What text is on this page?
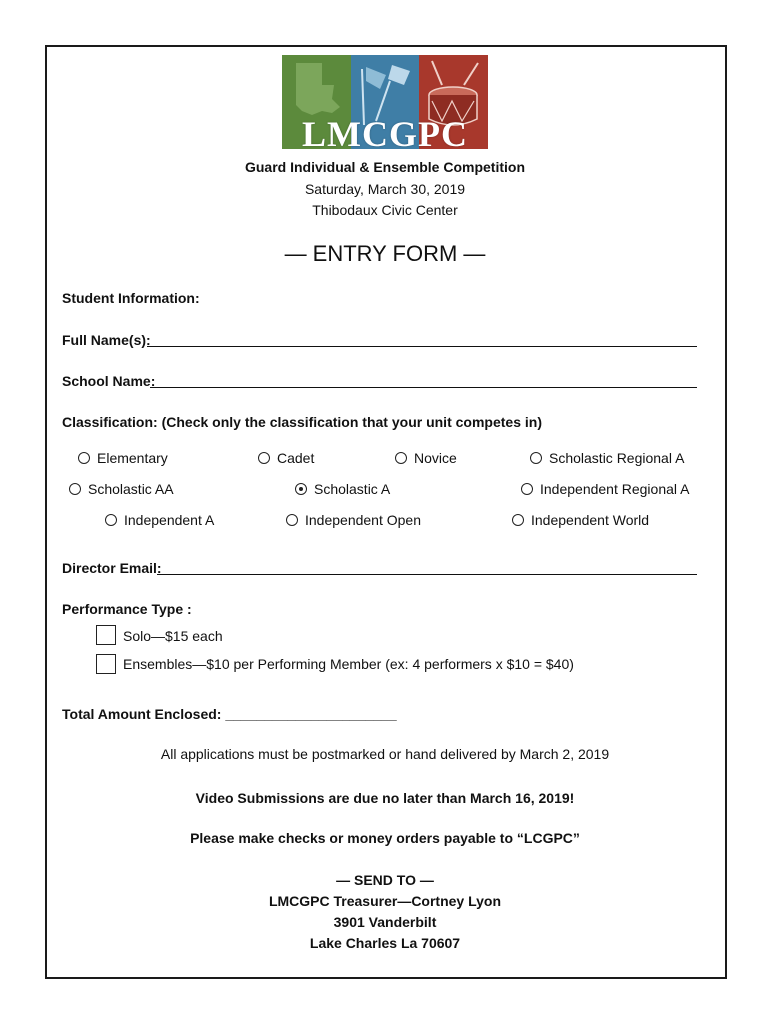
LMCGPC
Guard Individual & Ensemble Competition
Saturday, March 30, 2019
Thibodaux Civic Center
— ENTRY FORM —
Student Information:
Full Name(s):
School Name:
Classification: (Check only the classification that your unit competes in)
Elementary	Cadet	Novice	Scholastic Regional A
Scholastic AA	Scholastic A	Independent Regional A
Independent A	Independent Open	Independent World
Director Email:
Performance Type :
Solo—$15 each
Ensembles—$10 per Performing Member (ex: 4 performers x $10 = $40)
Total Amount Enclosed: ______________________
All applications must be postmarked or hand delivered by March 2, 2019
Video Submissions are due no later than March 16, 2019!
Please make checks or money orders payable to “LCGPC”
— SEND TO —
LMCGPC Treasurer—Cortney Lyon
3901 Vanderbilt
Lake Charles La 70607
